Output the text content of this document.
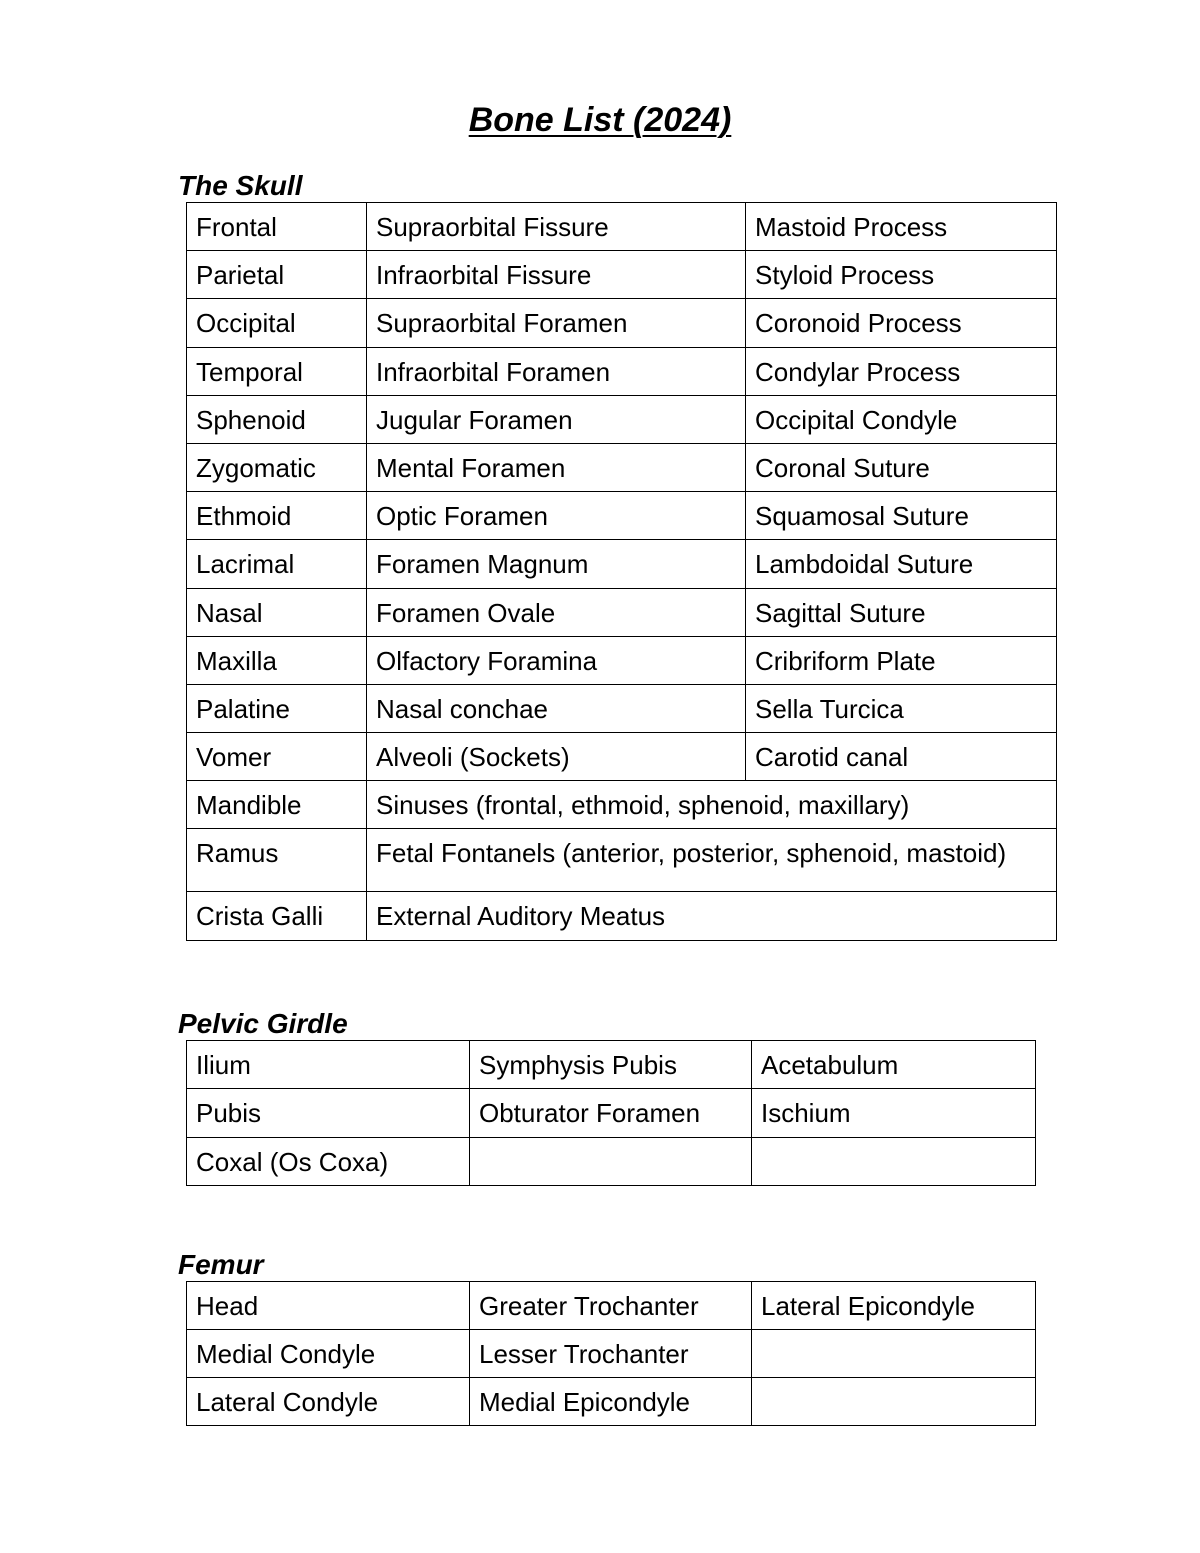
Bone List (2024)
The Skull
Frontal	Supraorbital Fissure	Mastoid Process
Parietal	Infraorbital Fissure	Styloid Process
Occipital	Supraorbital Foramen	Coronoid Process
Temporal	Infraorbital Foramen	Condylar Process
Sphenoid	Jugular Foramen	Occipital Condyle
Zygomatic	Mental Foramen	Coronal Suture
Ethmoid	Optic Foramen	Squamosal Suture
Lacrimal	Foramen Magnum	Lambdoidal Suture
Nasal	Foramen Ovale	Sagittal Suture
Maxilla	Olfactory Foramina	Cribriform Plate
Palatine	Nasal conchae	Sella Turcica
Vomer	Alveoli (Sockets)	Carotid canal
Mandible	Sinuses (frontal, ethmoid, sphenoid, maxillary)	
Ramus	Fetal Fontanels (anterior, posterior, sphenoid, mastoid)	
Crista Galli	External Auditory Meatus	
Pelvic Girdle
Ilium	Symphysis Pubis	Acetabulum
Pubis	Obturator Foramen	Ischium
Coxal (Os Coxa)		
Femur
Head	Greater Trochanter	Lateral Epicondyle
Medial Condyle	Lesser Trochanter	
Lateral Condyle	Medial Epicondyle	
